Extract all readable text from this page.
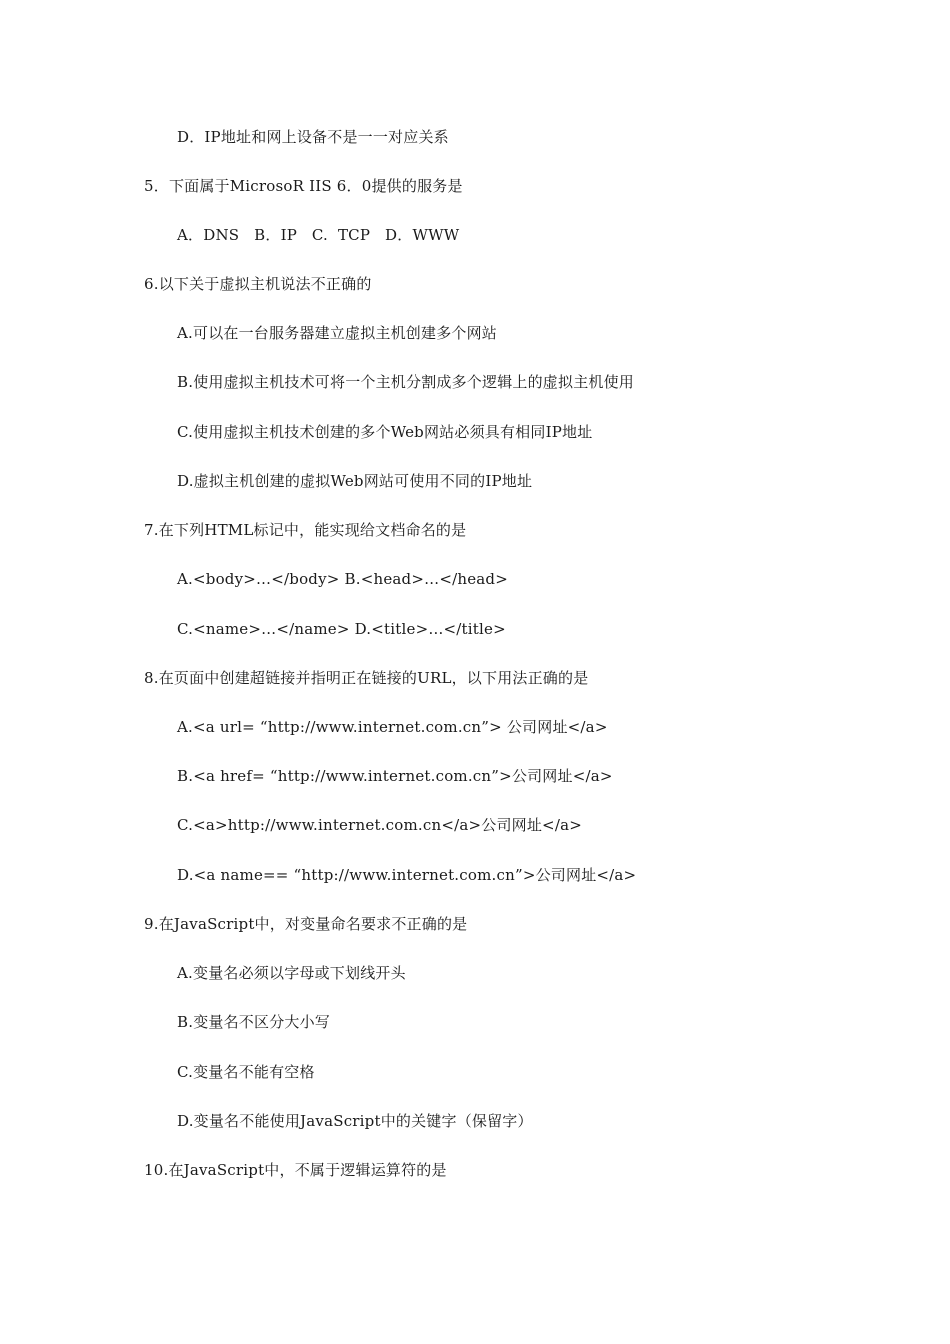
D．IP地址和网上设备不是一一对应关系
5．下面属于MicrosoR IIS 6．0提供的服务是
A．DNS   B．IP   C.  TCP   D．WWW
6.以下关于虚拟主机说法不正确的
A.可以在一台服务器建立虚拟主机创建多个网站
B.使用虚拟主机技术可将一个主机分割成多个逻辑上的虚拟主机使用
C.使用虚拟主机技术创建的多个Web网站必须具有相同IP地址
D.虚拟主机创建的虚拟Web网站可使用不同的IP地址
7.在下列HTML标记中，能实现给文档命名的是
A.<body>…</body> B.<head>…</head>
C.<name>…</name> D.<title>…</title>
8.在页面中创建超链接并指明正在链接的URL，以下用法正确的是
A.<a url= “http://www.internet.com.cn”> 公司网址</a>
B.<a href= “http://www.internet.com.cn”>公司网址</a>
C.<a>http://www.internet.com.cn</a>公司网址</a>
D.<a name== “http://www.internet.com.cn”>公司网址</a>
9.在JavaScript中，对变量命名要求不正确的是
A.变量名必须以字母或下划线开头
B.变量名不区分大小写
C.变量名不能有空格
D.变量名不能使用JavaScript中的关键字（保留字）
10.在JavaScript中，不属于逻辑运算符的是
